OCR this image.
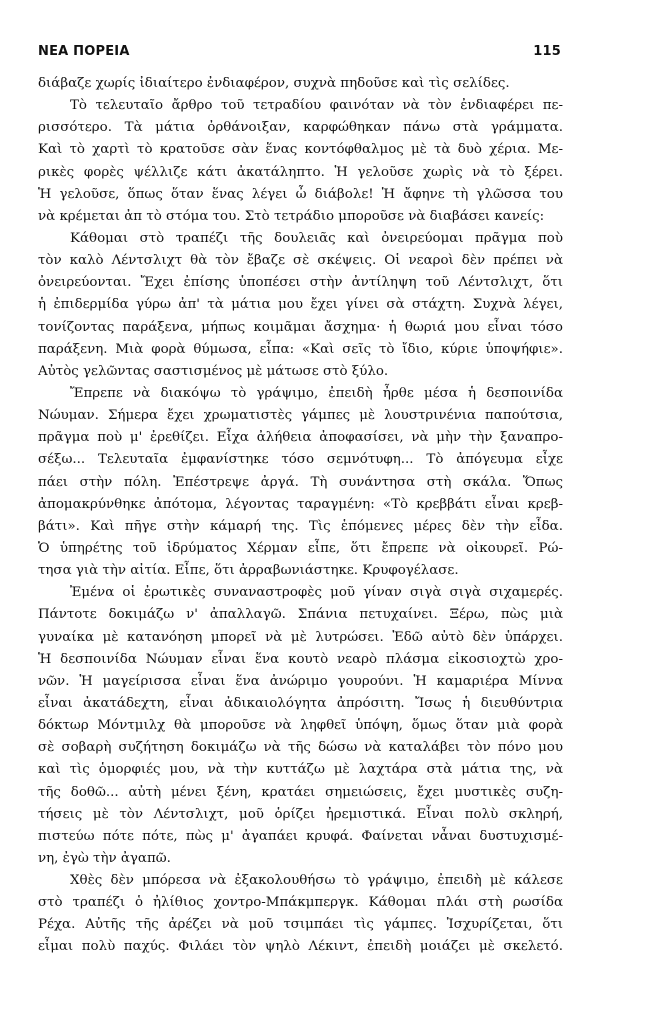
ΝΕΑ ΠΟΡΕΙΑ	115
διάβαζε χωρίς ἰδιαίτερο ἐνδιαφέρον, συχνὰ πηδοῦσε καὶ τὶς σελίδες.
Τὸ τελευταῖο ἄρθρο τοῦ τετραδίου φαινόταν νὰ τὸν ἐνδιαφέρει πε-
ρισσότερο. Τὰ μάτια ὀρθάνοιξαν, καρφώθηκαν πάνω στὰ γράμματα.
Καὶ τὸ χαρτὶ τὸ κρατοῦσε σὰν ἕνας κοντόφθαλμος μὲ τὰ δυὸ χέρια. Με-
ρικὲς φορὲς ψέλλιζε κάτι ἀκατάληπτο. Ἡ γελοῦσε χωρὶς νὰ τὸ ξέρει.
Ἡ γελοῦσε, ὅπως ὅταν ἕνας λέγει ὦ διάβολε! Ἡ ἄφηνε τὴ γλῶσσα του
νὰ κρέμεται ἀπ τὸ στόμα του. Στὸ τετράδιο μποροῦσε νὰ διαβάσει κανείς:
Κάθομαι στὸ τραπέζι τῆς δουλειᾶς καὶ ὀνειρεύομαι πρᾶγμα ποὺ
τὸν καλὸ Λέντσλιχτ θὰ τὸν ἔβαζε σὲ σκέψεις. Οἱ νεαροὶ δὲν πρέπει νὰ
ὀνειρεύονται. Ἔχει ἐπίσης ὑποπέσει στὴν ἀντίληψη τοῦ Λέντσλιχτ, ὅτι
ἡ ἐπιδερμίδα γύρω ἀπ' τὰ μάτια μου ἔχει γίνει σὰ στάχτη. Συχνὰ λέγει,
τονίζοντας παράξενα, μήπως κοιμᾶμαι ἄσχημα· ἡ θωριά μου εἶναι τόσο
παράξενη. Μιὰ φορὰ θύμωσα, εἶπα: «Καὶ σεῖς τὸ ἴδιο, κύριε ὑποψήφιε».
Αὐτὸς γελῶντας σαστισμένος μὲ μάτωσε στὸ ξύλο.
Ἔπρεπε νὰ διακόψω τὸ γράψιμο, ἐπειδὴ ἦρθε μέσα ἡ δεσποινίδα
Νώυμαν. Σήμερα ἔχει χρωματιστὲς γάμπες μὲ λουστρινένια παπούτσια,
πρᾶγμα ποὺ μ' ἐρεθίζει. Εἶχα ἀλήθεια ἀποφασίσει, νὰ μὴν τὴν ξαναπρο-
σέξω... Τελευταῖα ἐμφανίστηκε τόσο σεμνότυφη... Τὸ ἀπόγευμα εἶχε
πάει στὴν πόλη. Ἐπέστρεψε ἀργά. Τὴ συνάντησα στὴ σκάλα. Ὅπως
ἀπομακρύνθηκε ἀπότομα, λέγοντας ταραγμένη: «Τὸ κρεββάτι εἶναι κρεβ-
βάτι». Καὶ πῆγε στὴν κάμαρή της. Τὶς ἑπόμενες μέρες δὲν τὴν εἶδα.
Ὁ ὑπηρέτης τοῦ ἱδρύματος Χέρμαν εἶπε, ὅτι ἔπρεπε νὰ οἰκουρεῖ. Ρώ-
τησα γιὰ τὴν αἰτία. Εἶπε, ὅτι ἀρραβωνιάστηκε. Κρυφογέλασε.
Ἐμένα οἱ ἐρωτικὲς συναναστροφὲς μοῦ γίναν σιγὰ σιγὰ σιχαμερές.
Πάντοτε δοκιμάζω ν' ἀπαλλαγῶ. Σπάνια πετυχαίνει. Ξέρω, πὼς μιὰ
γυναίκα μὲ κατανόηση μπορεῖ νὰ μὲ λυτρώσει. Ἐδῶ αὐτὸ δὲν ὑπάρχει.
Ἡ δεσποινίδα Νώυμαν εἶναι ἕνα κουτὸ νεαρὸ πλάσμα εἰκοσιοχτὼ χρο-
νῶν. Ἡ μαγείρισσα εἶναι ἕνα ἀνώριμο γουρούνι. Ἡ καμαριέρα Μίννα
εἶναι ἀκατάδεχτη, εἶναι ἀδικαιολόγητα ἀπρόσιτη. Ἴσως ἡ διευθύντρια
δόκτωρ Μόντμιλχ θὰ μποροῦσε νὰ ληφθεῖ ὑπόψη, ὅμως ὅταν μιὰ φορὰ
σὲ σοβαρὴ συζήτηση δοκιμάζω νὰ τῆς δώσω νὰ καταλάβει τὸν πόνο μου
καὶ τὶς ὁμορφιές μου, νὰ τὴν κυττάζω μὲ λαχτάρα στὰ μάτια της, νὰ
τῆς δοθῶ... αὐτὴ μένει ξένη, κρατάει σημειώσεις, ἔχει μυστικὲς συζη-
τήσεις μὲ τὸν Λέντσλιχτ, μοῦ ὁρίζει ἠρεμιστικά. Εἶναι πολὺ σκληρή,
πιστεύω πότε πότε, πὼς μ' ἀγαπάει κρυφά. Φαίνεται νἆναι δυστυχισμέ-
νη, ἐγὼ τὴν ἀγαπῶ.
Χθὲς δὲν μπόρεσα νὰ ἐξακολουθήσω τὸ γράψιμο, ἐπειδὴ μὲ κάλεσε
στὸ τραπέζι ὁ ἠλίθιος χοντρο-Μπάκμπεργκ. Κάθομαι πλάι στὴ ρωσίδα
Ρέχα. Αὐτῆς τῆς ἀρέζει νὰ μοῦ τσιμπάει τὶς γάμπες. Ἰσχυρίζεται, ὅτι
εἶμαι πολὺ παχύς. Φιλάει τὸν ψηλὸ Λέκιντ, ἐπειδὴ μοιάζει μὲ σκελετό.
